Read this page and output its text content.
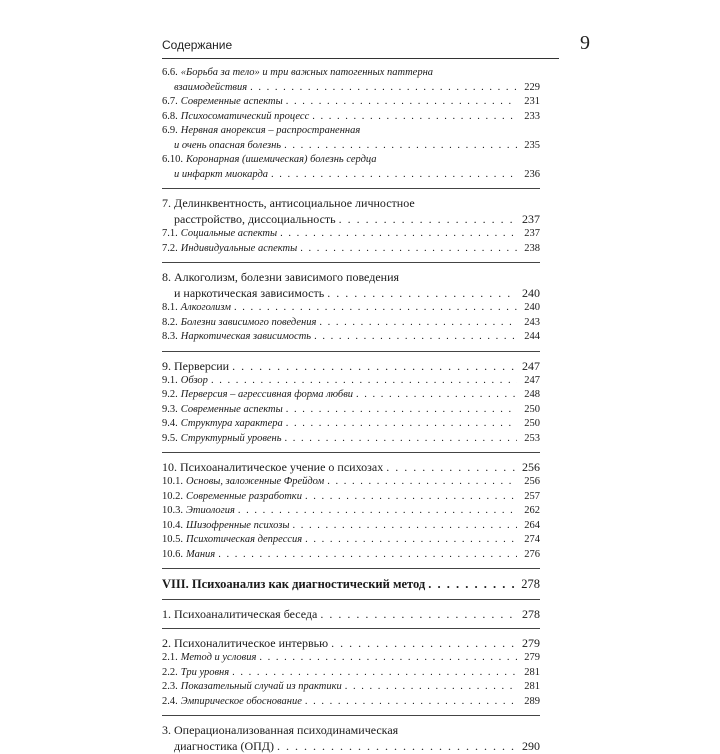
Содержание	9
6.6. «Борьба за тело» и три важных патогенных паттерна
взаимодействия . . .	229
6.7. Современные аспекты . . .	231
6.8. Психосоматический процесс . . .	233
6.9. Нервная анорексия – распространенная
и очень опасная болезнь . . .	235
6.10. Коронарная (ишемическая) болезнь сердца
и инфаркт миокарда . . .	236
7. Делинквентность, антисоциальное личностное
расстройство, диссоциальность . . .	237
7.1. Социальные аспекты . . .	237
7.2. Индивидуальные аспекты . . .	238
8. Алкоголизм, болезни зависимого поведения
и наркотическая зависимость . . .	240
8.1. Алкоголизм . . .	240
8.2. Болезни зависимого поведения . . .	243
8.3. Наркотическая зависимость . . .	244
9. Перверсии . . .	247
9.1. Обзор . . .	247
9.2. Перверсия – агрессивная форма любви . . .	248
9.3. Современные аспекты . . .	250
9.4. Структура характера . . .	250
9.5. Структурный уровень . . .	253
10. Психоаналитическое учение о психозах . . .	256
10.1. Основы, заложенные Фрейдом . . .	256
10.2. Современные разработки . . .	257
10.3. Этиология . . .	262
10.4. Шизофренные психозы . . .	264
10.5. Психотическая депрессия . . .	274
10.6. Мания . . .	276
VIII. Психоанализ как диагностический метод . . .	278
1. Психоаналитическая беседа . . .	278
2. Психоналитическое интервью . . .	279
2.1. Метод и условия . . .	279
2.2. Три уровня . . .	281
2.3. Показательный случай из практики . . .	281
2.4. Эмпирическое обоснование . . .	289
3. Операционализованная психодинамическая
диагностика (ОПД) . . .	290
